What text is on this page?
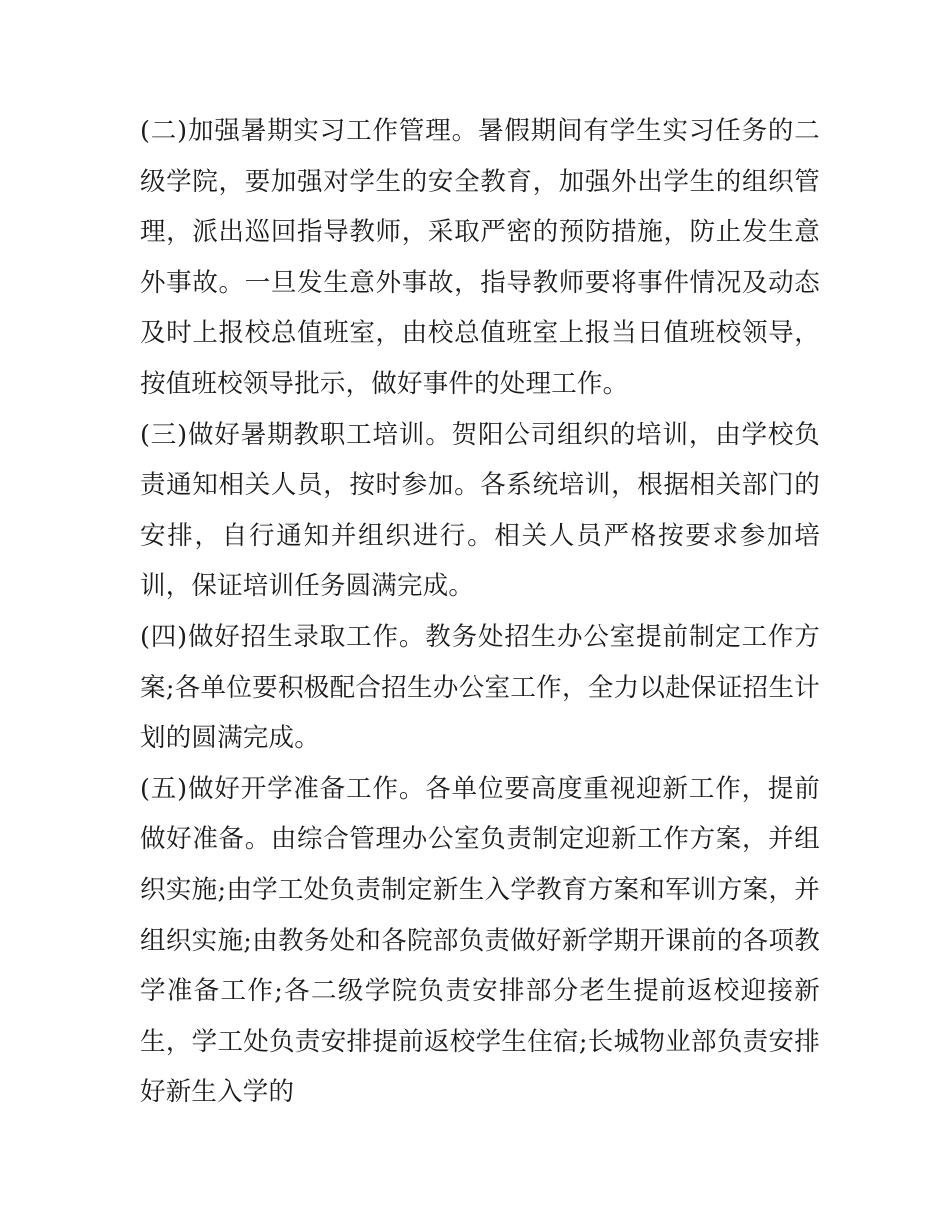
(二)加强暑期实习工作管理。暑假期间有学生实习任务的二级学院，要加强对学生的安全教育，加强外出学生的组织管理，派出巡回指导教师，采取严密的预防措施，防止发生意外事故。一旦发生意外事故，指导教师要将事件情况及动态及时上报校总值班室，由校总值班室上报当日值班校领导，按值班校领导批示，做好事件的处理工作。

(三)做好暑期教职工培训。贺阳公司组织的培训，由学校负责通知相关人员，按时参加。各系统培训，根据相关部门的安排，自行通知并组织进行。相关人员严格按要求参加培训，保证培训任务圆满完成。

(四)做好招生录取工作。教务处招生办公室提前制定工作方案;各单位要积极配合招生办公室工作，全力以赴保证招生计划的圆满完成。

(五)做好开学准备工作。各单位要高度重视迎新工作，提前做好准备。由综合管理办公室负责制定迎新工作方案，并组织实施;由学工处负责制定新生入学教育方案和军训方案，并组织实施;由教务处和各院部负责做好新学期开课前的各项教学准备工作;各二级学院负责安排部分老生提前返校迎接新生，学工处负责安排提前返校学生住宿;长城物业部负责安排好新生入学的
